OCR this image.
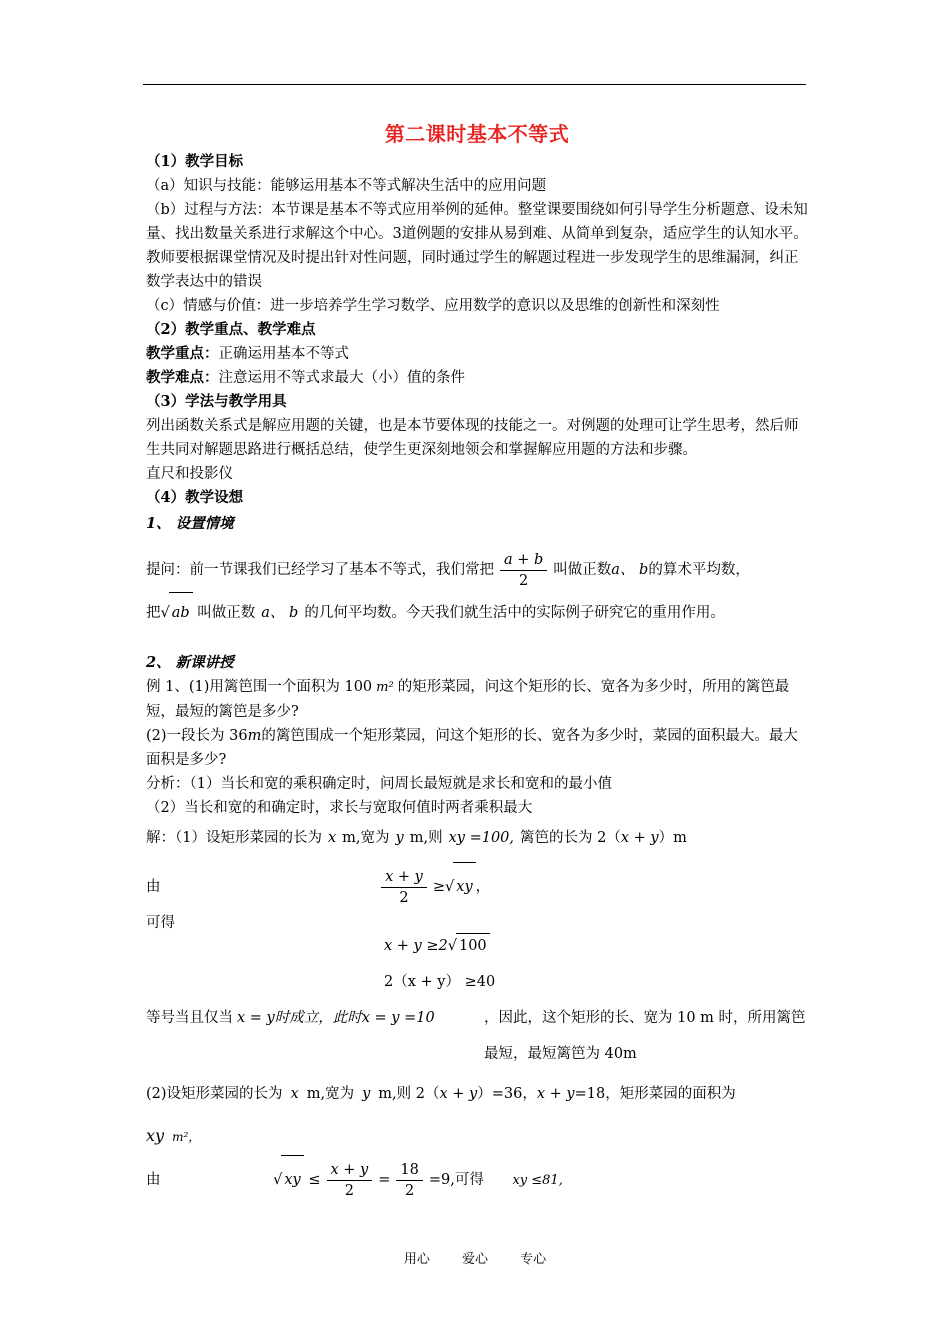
第二课时基本不等式
（1）教学目标
（a）知识与技能：能够运用基本不等式解决生活中的应用问题
（b）过程与方法：本节课是基本不等式应用举例的延伸。整堂课要围绕如何引导学生分析题意、设未知量、找出数量关系进行求解这个中心。3道例题的安排从易到难、从简单到复杂，适应学生的认知水平。教师要根据课堂情况及时提出针对性问题，同时通过学生的解题过程进一步发现学生的思维漏洞，纠正数学表达中的错误
（c）情感与价值：进一步培养学生学习数学、应用数学的意识以及思维的创新性和深刻性
（2）教学重点、教学难点
教学重点：正确运用基本不等式
教学难点：注意运用不等式求最大（小）值的条件
（3）学法与教学用具
列出函数关系式是解应用题的关键，也是本节要体现的技能之一。对例题的处理可让学生思考，然后师生共同对解题思路进行概括总结，使学生更深刻地领会和掌握解应用题的方法和步骤。
直尺和投影仪
（4）教学设想
1、 设置情境
提问：前一节课我们已经学习了基本不等式，我们常把 $\frac{a + b}{2}$ 叫做正数a、 b的算术平均数，
把√ ab 叫做正数 a、 b 的几何平均数。今天我们就生活中的实际例子研究它的重用作用。
2、 新课讲授
例 1、(1)用篱笆围一个面积为 100 m² 的矩形菜园，问这个矩形的长、宽各为多少时，所用的篱笆最短，最短的篱笆是多少?
(2)一段长为 36m的篱笆围成一个矩形菜园，问这个矩形的长、宽各为多少时，菜园的面积最大。最大面积是多少?
分析：（1）当长和宽的乘积确定时，问周长最短就是求长和宽和的最小值
（2）当长和宽的和确定时，求长与宽取何值时两者乘积最大
解：（1）设矩形菜园的长为 x m,宽为 y m,则 xy =100, 篱笆的长为 2（x + y）m
由	$\frac{x + y}{2}$ ≥√ xy ，
可得
x + y ≥2√ 100
2（x + y） ≥40
等号当且仅当 x = y时成立，此时x = y =10	，因此，这个矩形的长、宽为 10 m 时，所用篱笆最短，最短篱笆为 40m
(2)设矩形菜园的长为 x m,宽为 y m,则 2（x + y）=36，x + y=18，矩形菜园的面积为
xy m²，
由	√ xy ≤ $\frac{x + y}{2} = \frac{18}{2} =9$,可得 xy ≤81,
用心 爱心 专心
